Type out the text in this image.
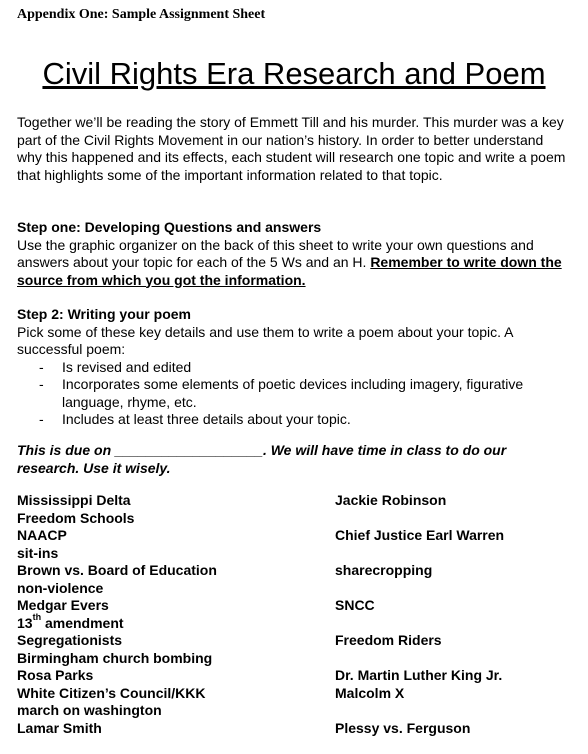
Appendix One: Sample Assignment Sheet
Civil Rights Era Research and Poem
Together we’ll be reading the story of Emmett Till and his murder. This murder was a key part of the Civil Rights Movement in our nation’s history. In order to better understand why this happened and its effects, each student will research one topic and write a poem that highlights some of the important information related to that topic.
Step one: Developing Questions and answers
Use the graphic organizer on the back of this sheet to write your own questions and answers about your topic for each of the 5 Ws and an H. Remember to write down the source from which you got the information.
Step 2: Writing your poem
Pick some of these key details and use them to write a poem about your topic. A successful poem:
- Is revised and edited
- Incorporates some elements of poetic devices including imagery, figurative language, rhyme, etc.
- Includes at least three details about your topic.
This is due on ___________________. We will have time in class to do our research. Use it wisely.
Mississippi Delta
Freedom Schools
NAACP
sit-ins
Brown vs. Board of Education
non-violence
Medgar Evers
13th amendment
Segregationists
Birmingham church bombing
Rosa Parks
White Citizen’s Council/KKK
march on washington
Lamar Smith
Jackie Robinson
Chief Justice Earl Warren
sharecropping
SNCC
Freedom Riders
Dr. Martin Luther King Jr.
Malcolm X
Plessy vs. Ferguson
